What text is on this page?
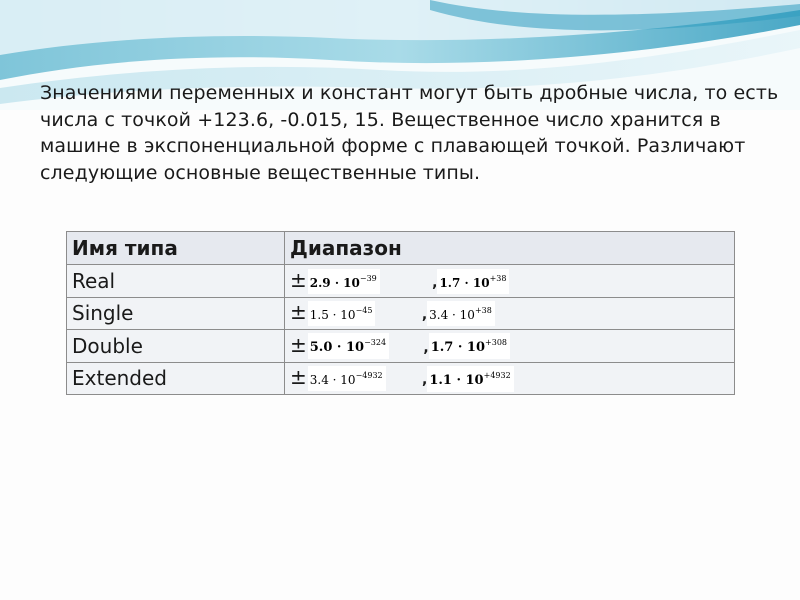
Значениями переменных и констант могут быть дробные числа, то есть числа с точкой +123.6, -0.015, 15. Вещественное число хранится в машине в экспоненциальной форме с плавающей точкой. Различают следующие основные вещественные типы.
Имя типа	Диапазон
Real	± $2.9 \cdot 10^{-39}$ , $1.7 \cdot 10^{+38}$
Single	± $1.5 \cdot 10^{-45}$ , $3.4 \cdot 10^{+38}$
Double	± $5.0 \cdot 10^{-324}$ , $1.7 \cdot 10^{+308}$
Extended	± $3.4 \cdot 10^{-4932}$ , $1.1 \cdot 10^{+4932}$
